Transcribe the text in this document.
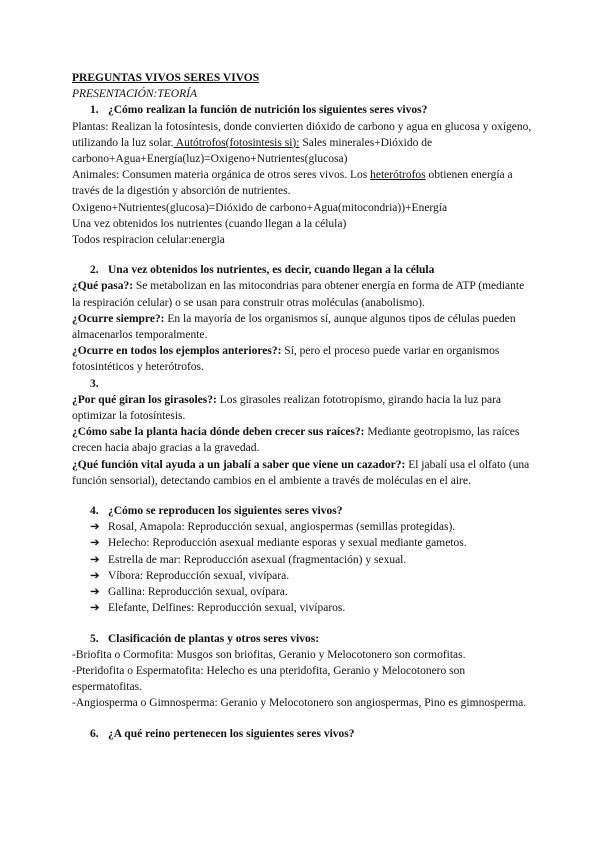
PREGUNTAS VIVOS SERES VIVOS

PRESENTACIÓN:TEORÍA

1. ¿Cómo realizan la función de nutrición los siguientes seres vivos?

Plantas: Realizan la fotosíntesis, donde convierten dióxido de carbono y agua en glucosa y oxígeno, utilizando la luz solar. Autótrofos(fotosintesis si): Sales minerales+Dióxido de carbono+Agua+Energía(luz)=Oxigeno+Nutrientes(glucosa)

Animales: Consumen materia orgánica de otros seres vivos. Los heterótrofos obtienen energía a través de la digestión y absorción de nutrientes.

Oxigeno+Nutrientes(glucosa)=Dióxido de carbono+Agua(mitocondria))+Energía

Una vez obtenidos los nutrientes (cuando llegan a la célula)

Todos respiracion celular:energia

2. Una vez obtenidos los nutrientes, es decir, cuando llegan a la célula

¿Qué pasa?: Se metabolizan en las mitocondrias para obtener energía en forma de ATP (mediante la respiración celular) o se usan para construir otras moléculas (anabolismo).

¿Ocurre siempre?: En la mayoría de los organismos sí, aunque algunos tipos de células pueden almacenarlos temporalmente.

¿Ocurre en todos los ejemplos anteriores?: Sí, pero el proceso puede variar en organismos fotosintéticos y heterótrofos.

3.

¿Por qué giran los girasoles?: Los girasoles realizan fototropismo, girando hacia la luz para optimizar la fotosíntesis.

¿Cómo sabe la planta hacia dónde deben crecer sus raíces?: Mediante geotropismo, las raíces crecen hacia abajo gracias a la gravedad.

¿Qué función vital ayuda a un jabalí a saber que viene un cazador?: El jabalí usa el olfato (una función sensorial), detectando cambios en el ambiente a través de moléculas en el aire.

4. ¿Cómo se reproducen los siguientes seres vivos?

➔ Rosal, Amapola: Reproducción sexual, angiospermas (semillas protegidas).
➔ Helecho: Reproducción asexual mediante esporas y sexual mediante gametos.
➔ Estrella de mar: Reproducción asexual (fragmentación) y sexual.
➔ Víbora: Reproducción sexual, vivípara.
➔ Gallina: Reproducción sexual, ovípara.
➔ Elefante, Delfines: Reproducción sexual, vivíparos.

5. Clasificación de plantas y otros seres vivos:

-Briofita o Cormofita: Musgos son briofitas, Geranio y Melocotonero son cormofitas.

-Pteridofita o Espermatofita: Helecho es una pteridofita, Geranio y Melocotonero son espermatofitas.

-Angiosperma o Gimnosperma: Geranio y Melocotonero son angiospermas, Pino es gimnosperma.

6. ¿A qué reino pertenecen los siguientes seres vivos?
